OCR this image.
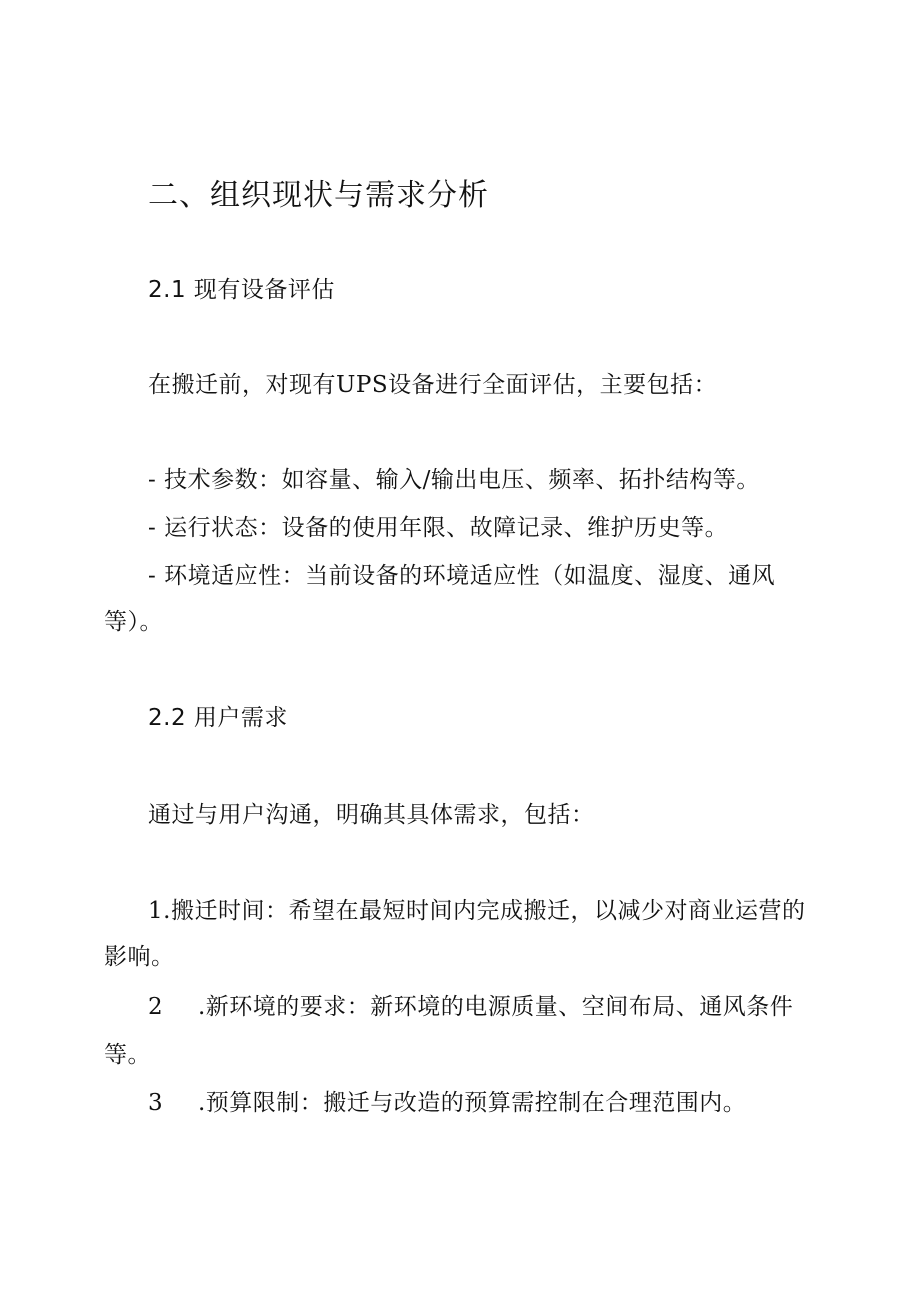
二、组织现状与需求分析
2.1 现有设备评估
在搬迁前，对现有UPS设备进行全面评估，主要包括：
- 技术参数：如容量、输入/输出电压、频率、拓扑结构等。
- 运行状态：设备的使用年限、故障记录、维护历史等。
- 环境适应性：当前设备的环境适应性（如温度、湿度、通风
等）。
2.2 用户需求
通过与用户沟通，明确其具体需求，包括：
1.搬迁时间：希望在最短时间内完成搬迁，以减少对商业运营的
影响。
2 .新环境的要求：新环境的电源质量、空间布局、通风条件
等。
3 .预算限制：搬迁与改造的预算需控制在合理范围内。
